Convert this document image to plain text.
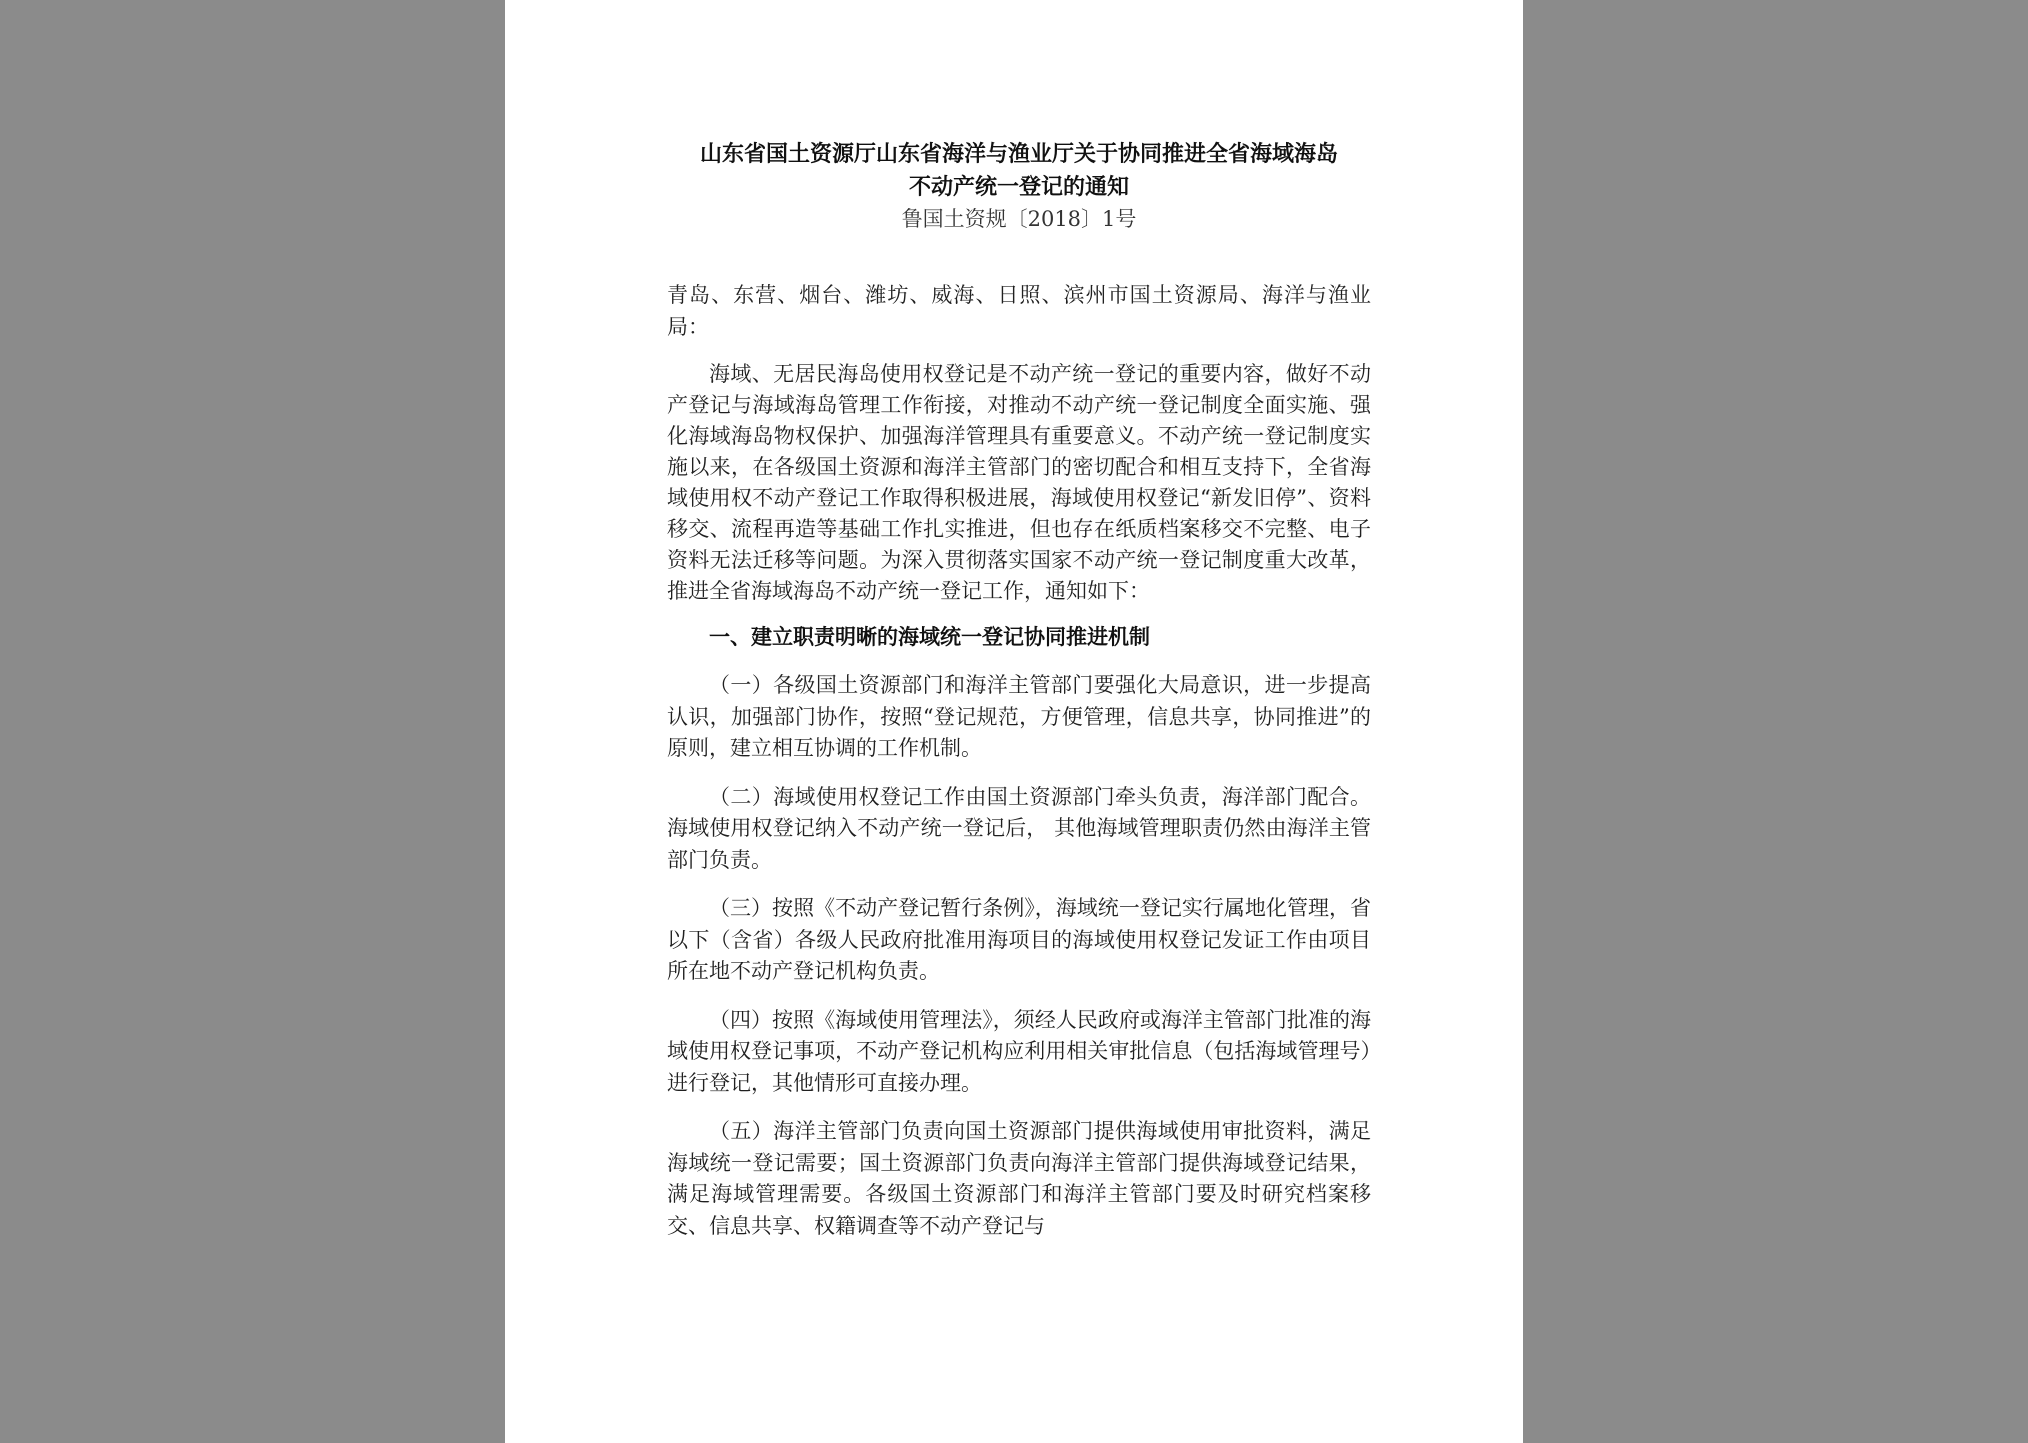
山东省国土资源厅山东省海洋与渔业厅关于协同推进全省海域海岛

不动产统一登记的通知

鲁国土资规〔2018〕1号

青岛、东营、烟台、潍坊、威海、日照、滨州市国土资源局、海洋与渔业局：

海域、无居民海岛使用权登记是不动产统一登记的重要内容，做好不动产登记与海域海岛管理工作衔接，对推动不动产统一登记制度全面实施、强化海域海岛物权保护、加强海洋管理具有重要意义。不动产统一登记制度实施以来，在各级国土资源和海洋主管部门的密切配合和相互支持下，全省海域使用权不动产登记工作取得积极进展，海域使用权登记“新发旧停”、资料移交、流程再造等基础工作扎实推进，但也存在纸质档案移交不完整、电子资料无法迁移等问题。为深入贯彻落实国家不动产统一登记制度重大改革，推进全省海域海岛不动产统一登记工作，通知如下：

一、建立职责明晰的海域统一登记协同推进机制

（一）各级国土资源部门和海洋主管部门要强化大局意识，进一步提高认识，加强部门协作，按照“登记规范，方便管理，信息共享，协同推进”的原则，建立相互协调的工作机制。

（二）海域使用权登记工作由国土资源部门牵头负责，海洋部门配合。海域使用权登记纳入不动产统一登记后， 其他海域管理职责仍然由海洋主管部门负责。

（三）按照《不动产登记暂行条例》，海域统一登记实行属地化管理，省以下（含省）各级人民政府批准用海项目的海域使用权登记发证工作由项目所在地不动产登记机构负责。

（四）按照《海域使用管理法》，须经人民政府或海洋主管部门批准的海域使用权登记事项，不动产登记机构应利用相关审批信息（包括海域管理号）进行登记，其他情形可直接办理。

（五）海洋主管部门负责向国土资源部门提供海域使用审批资料，满足海域统一登记需要；国土资源部门负责向海洋主管部门提供海域登记结果，满足海域管理需要。各级国土资源部门和海洋主管部门要及时研究档案移交、信息共享、权籍调查等不动产登记与
